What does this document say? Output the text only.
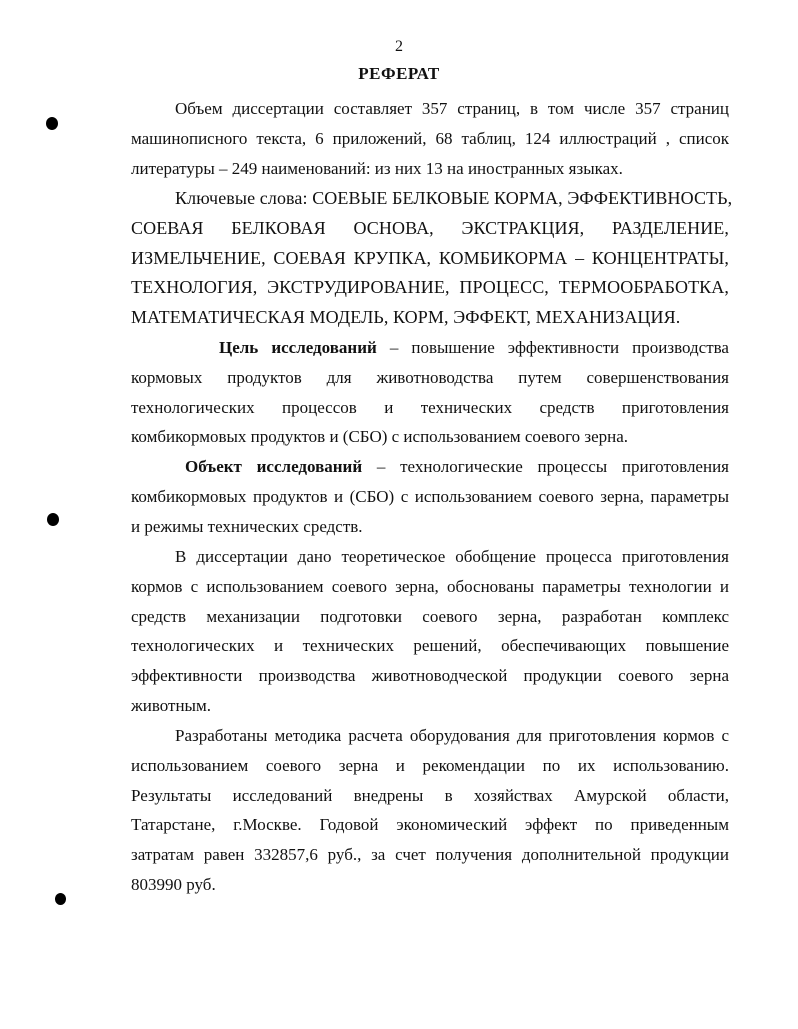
2
РЕФЕРАТ
Объем диссертации составляет 357 страниц, в том числе 357 страниц
машинописного текста, 6 приложений, 68 таблиц, 124 иллюстраций , список
литературы – 249 наименований: из них 13 на иностранных языках.
Ключевые слова: СОЕВЫЕ БЕЛКОВЫЕ КОРМА, ЭФФЕКТИВНОСТЬ,
СОЕВАЯ БЕЛКОВАЯ ОСНОВА, ЭКСТРАКЦИЯ, РАЗДЕЛЕНИЕ,
ИЗМЕЛЬЧЕНИЕ, СОЕВАЯ КРУПКА, КОМБИКОРМА – КОНЦЕНТРАТЫ,
ТЕХНОЛОГИЯ, ЭКСТРУДИРОВАНИЕ, ПРОЦЕСС, ТЕРМООБРАБОТКА,
МАТЕМАТИЧЕСКАЯ МОДЕЛЬ, КОРМ, ЭФФЕКТ, МЕХАНИЗАЦИЯ.
Цель исследований – повышение эффективности производства
кормовых продуктов для животноводства путем совершенствования
технологических процессов и технических средств приготовления
комбикормовых продуктов и (СБО) с использованием соевого зерна.
Объект исследований – технологические процессы приготовления
комбикормовых продуктов и (СБО) с использованием соевого зерна, параметры
и режимы технических средств.
В диссертации дано теоретическое обобщение процесса приготовления
кормов с использованием соевого зерна, обоснованы параметры технологии и
средств механизации подготовки соевого зерна, разработан комплекс
технологических и технических решений, обеспечивающих повышение
эффективности производства животноводческой продукции соевого зерна
животным.
Разработаны методика расчета оборудования для приготовления кормов с
использованием соевого зерна и рекомендации по их использованию.
Результаты исследований внедрены в хозяйствах Амурской области,
Татарстане, г.Москве. Годовой экономический эффект по приведенным
затратам равен 332857,6 руб., за счет получения дополнительной продукции
803990 руб.
